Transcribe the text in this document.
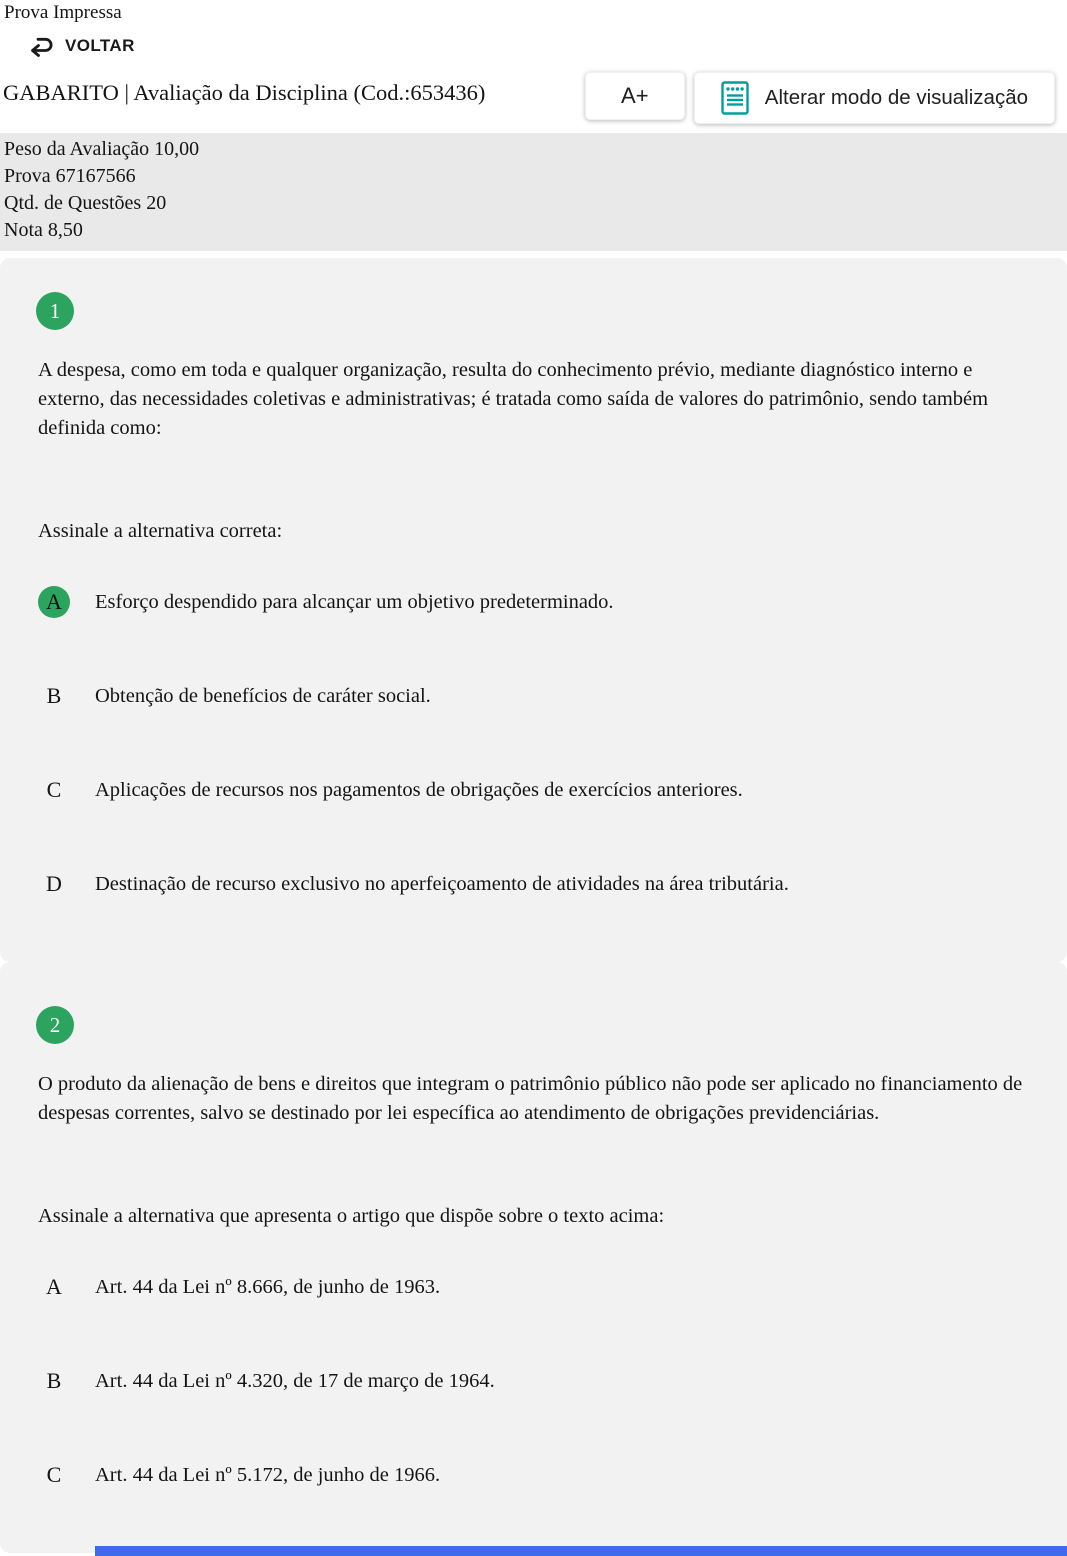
Prova Impressa
VOLTAR
GABARITO | Avaliação da Disciplina (Cod.:653436)	A+	Alterar modo de visualização
Peso da Avaliação 10,00
Prova 67167566
Qtd. de Questões 20
Nota 8,50
1

A despesa, como em toda e qualquer organização, resulta do conhecimento prévio, mediante diagnóstico interno e externo, das necessidades coletivas e administrativas; é tratada como saída de valores do patrimônio, sendo também definida como:

Assinale a alternativa correta:

A	Esforço despendido para alcançar um objetivo predeterminado.
B	Obtenção de benefícios de caráter social.
C	Aplicações de recursos nos pagamentos de obrigações de exercícios anteriores.
D	Destinação de recurso exclusivo no aperfeiçoamento de atividades na área tributária.
2

O produto da alienação de bens e direitos que integram o patrimônio público não pode ser aplicado no financiamento de despesas correntes, salvo se destinado por lei específica ao atendimento de obrigações previdenciárias.

Assinale a alternativa que apresenta o artigo que dispõe sobre o texto acima:

A	Art. 44 da Lei nº 8.666, de junho de 1963.
B	Art. 44 da Lei nº 4.320, de 17 de março de 1964.
C	Art. 44 da Lei nº 5.172, de junho de 1966.
